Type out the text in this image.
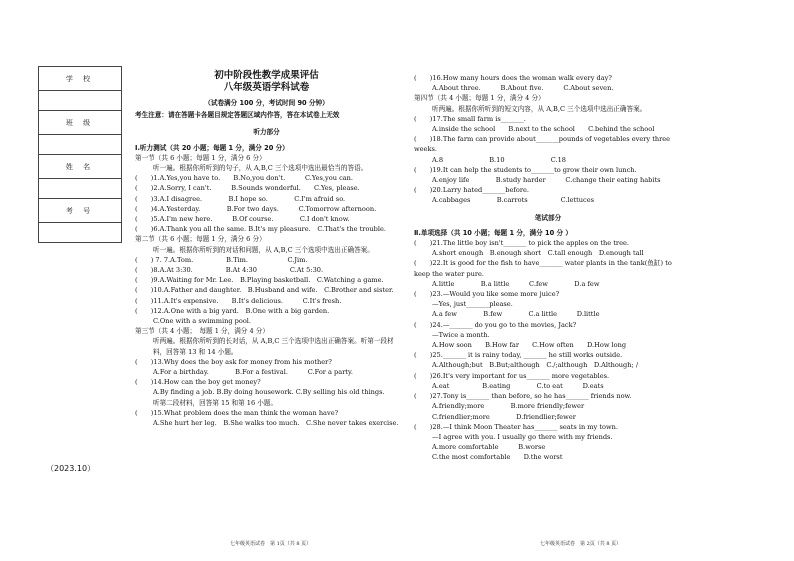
学 校

班 级

姓 名

考 号

（2023.10）
初中阶段性教学成果评估
八年级英语学科试卷
（试卷满分 100 分，考试时间 90 分钟）
考生注意：请在答题卡各题目规定答题区域内作答，答在本试卷上无效
听力部分
Ⅰ.听力测试（共 20 小题；每题 1 分，满分 20 分）
第一节（共 6 小题；每题 1 分，满分 6 分）
听一遍。根据你所听到的句子，从 A,B,C 三个选项中选出最恰当的答语。
(　　)1.A.Yes,you have to.　　B.No,you don't.　　　C.Yes,you can.
(　　)2.A.Sorry, I can't.　　　B.Sounds wonderful.　　C.Yes, please.
(　　)3.A.I disagree.　　　　B.I hope so.　　　　C.I'm afraid so.
(　　)4.A.Yesterday.　　　　B.For two days.　　　C.Tomorrow afternoon.
(　　)5.A.I'm new here.　　　B.Of course.　　　　C.I don't know.
(　　)6.A.Thank you all the same. B.It's my pleasure.　C.That's the trouble.
第二节（共 6 小题；每题 1 分，满分 6 分）
听一遍。根据你所听到的对话和问题，从 A,B,C 三个选项中选出正确答案。
(　　) 7. 7.A.Tom.　　　　　B.Tim.　　　　　　C.Jim.
(　　)8.A.At 3:30.　　　　　B.At 4:30　　　　　C.At 5:30.
(　　)9.A.Waiting for Mr. Lee.　B.Playing basketball.　C.Watching a game.
(　　)10.A.Father and daughter.　B.Husband and wife.　C.Brother and sister.
(　　)11.A.It's expensive.　　B.It's delicious.　　　C.It's fresh.
(　　)12.A.One with a big yard.　B.One with a big garden.
C.One with a swimming pool.
第三节（共 4 小题；　每题 1 分，满分 4 分）
听两遍。根据你所听到的长对话，从 A,B,C 三个选项中选出正确答案。听第一段材料，回答第 13 和 14 小题。
(　　)13.Why does the boy ask for money from his mother?
A.For a birthday.　　　　B.For a festival.　　　C.For a party.
(　　)14.How can the boy get money?
A.By finding a job. B.By doing housework. C.By selling his old things.
听第二段材料，回答第 15 和第 16 小题。
(　　)15.What problem does the man think the woman have?
A.She hurt her leg.　B.She walks too much.　C.She never takes exercise.
(　　)16.How many hours does the woman walk every day?
A.About three.　　　B.About five.　　　C.About seven.
第四节（共 4 小题；每题 1 分，满分 4 分）
听两遍。根据你所听到的短文内容，从 A,B,C 三个选项中选出正确答案。
(　　)17.The small farm is_______.
A.inside the school　　B.next to the school　　C.behind the school
(　　)18.The farm can provide about_______pounds of vegetables every three weeks.
A.8　　　　　　　B.10　　　　　　　C.18
(　　)19.It can help the students to_______to grow their own lunch.
A.enjoy life　　　　B.study harder　　　C.change their eating habits
(　　)20.Larry hated_______before.
A.cabbages　　　　B.carrots　　　　　C.lettuces
笔试部分
Ⅱ.单项选择（共 10 小题；每题 1 分，满分 10 分 ）
(　　)21.The little boy isn't_______ to pick the apples on the tree.
A.short enough　B.enough short　C.tall enough　D.enough tall
(　　)22.It is good for the fish to have_______ water plants in the tank(鱼缸) to keep the water pure.
A.little　　　　B.a little　　　C.few　　　　D.a few
(　　)23.—Would you like some more juice?
—Yes, just_______please.
A.a few　　　　B.few　　　　C.a little　　　D.little
(　　)24.—_______ do you go to the movies, Jack?
—Twice a month.
A.How soon　　B.How far　　C.How often　　D.How long
(　　)25._______ it is rainy today, _______ he still works outside.
A.Although;but　B.But;although　C./;although　D.Although; /
(　　)26.It's very important for us_______ more vegetables.
A.eat　　　　　B.eating　　　　C.to eat　　　D.eats
(　　)27.Tony is_______ than before, so he has_______ friends now.
A.friendly;more　　　　B.more friendly;fewer
C.friendlier;more　　　　D.friendlier;fewer
(　　)28.—I think Moon Theater has_______ seats in my town.
—I agree with you. I usually go there with my friends.
A.more comfortable　　　B.worse
C.the most comfortable　　D.the worst
七年级英语试卷　第 1页（共 8 页）	七年级英语试卷　第 2页（共 8 页）
